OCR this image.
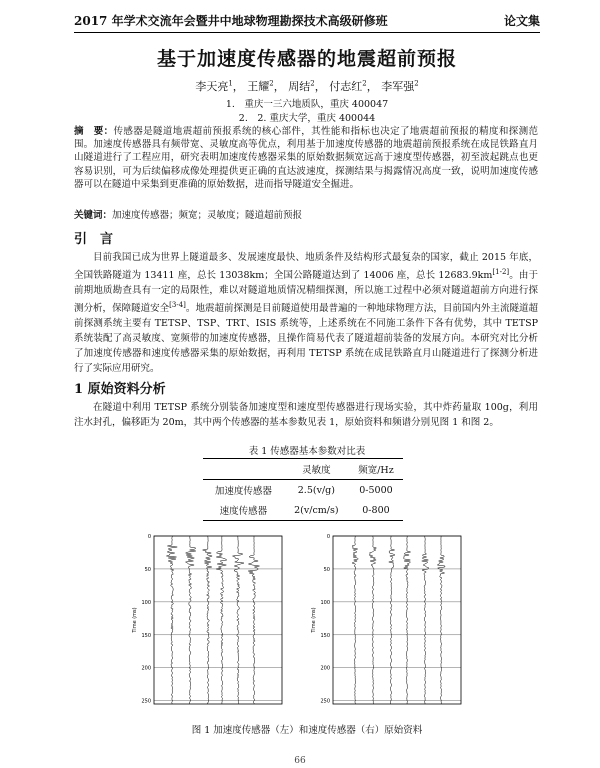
2017 年学术交流年会暨井中地球物理勘探技术高级研修班	论文集
基于加速度传感器的地震超前预报
李天亮$^1$， 王耀$^2$， 周结$^2$， 付志红$^2$， 李军强$^2$
1.　重庆一三六地质队，重庆 400047
2.　2. 重庆大学，重庆 400044
摘　要：传感器是隧道地震超前预报系统的核心部件，其性能和指标也决定了地震超前预报的精度和探测范围。加速度传感器具有频带宽、灵敏度高等优点，利用基于加速度传感器的地震超前预报系统在成昆铁路直月山隧道进行了工程应用，研究表明加速度传感器采集的原始数据频宽远高于速度型传感器，初至波起跳点也更容易识别，可为后续偏移成像处理提供更正确的直达波速度，探测结果与揭露情况高度一致，说明加速度传感器可以在隧道中采集到更准确的原始数据，进而指导隧道安全掘进。
关键词：加速度传感器；频宽；灵敏度；隧道超前预报
引　言
目前我国已成为世界上隧道最多、发展速度最快、地质条件及结构形式最复杂的国家，截止 2015 年底，全国铁路隧道为 13411 座，总长 13038km；全国公路隧道达到了 14006 座，总长 12683.9km[1-2]。由于前期地质勘查具有一定的局限性，难以对隧道地质情况精细探测，所以施工过程中必须对隧道超前方向进行探测分析，保障隧道安全[3-4]。地震超前探测是目前隧道使用最普遍的一种地球物理方法，目前国内外主流隧道超前探测系统主要有 TETSP、TSP、TRT、ISIS 系统等，上述系统在不同施工条件下各有优势，其中 TETSP 系统装配了高灵敏度、宽频带的加速度传感器，且操作简易代表了隧道超前装备的发展方向。本研究对比分析了加速度传感器和速度传感器采集的原始数据，再利用 TETSP 系统在成昆铁路直月山隧道进行了探测分析进行了实际应用研究。
1 原始资料分析
在隧道中利用 TETSP 系统分别装备加速度型和速度型传感器进行现场实验，其中炸药量取 100g，利用注水封孔，偏移距为 20m，其中两个传感器的基本参数见表 1，原始资料和频谱分别见图 1 和图 2。
表 1 传感器基本参数对比表
	灵敏度	频宽/Hz
加速度传感器	2.5(v/g)	0-5000
速度传感器	2(v/cm/s)	0-800
Time (ms)
0
50
100
150
200
250
Time (ms)
0
50
100
150
200
250
图 1 加速度传感器（左）和速度传感器（右）原始资料
66
